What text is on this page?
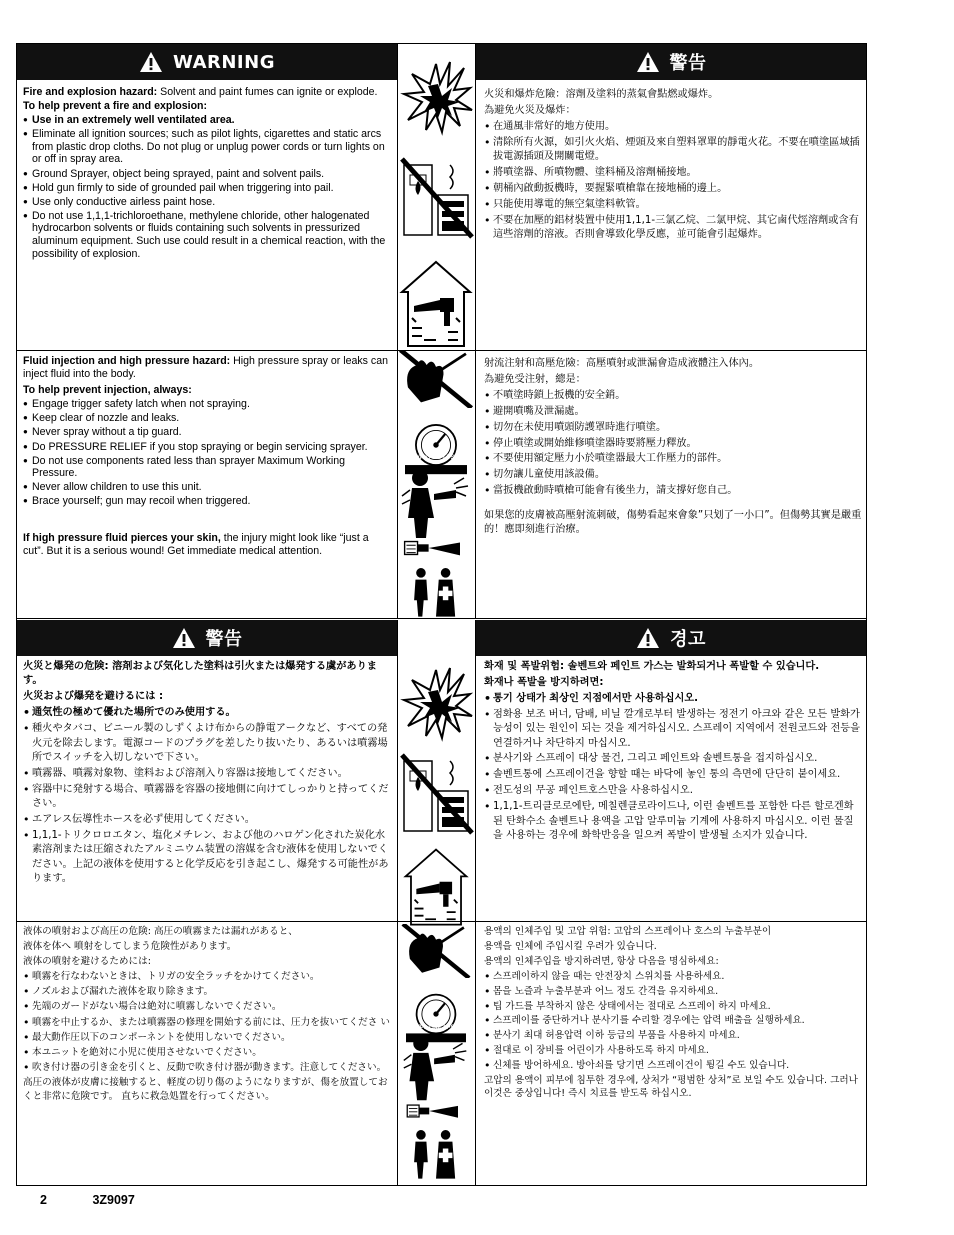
WARNING	警告

Fire and explosion hazard: Solvent and paint fumes can ignite or explode.

To help prevent a fire and explosion:

● Use in an extremely well ventilated area.
● Eliminate all ignition sources; such as pilot lights, cigarettes and static arcs from plastic drop cloths. Do not plug or unplug power cords or turn lights on or off in spray area.
● Ground Sprayer, object being sprayed, paint and solvent pails.
● Hold gun firmly to side of grounded pail when triggering into pail.
● Use only conductive airless paint hose.
● Do not use 1,1,1-trichloroethane, methylene chloride, other halogenated hydrocarbon solvents or fluids containing such solvents in pressurized aluminum equipment. Such use could result in a chemical reaction, with the possibility of explosion.

火災和爆炸危險：溶劑及塗料的蒸氣會點燃或爆炸。

為避免火災及爆炸：

• 在通風非常好的地方使用。
• 清除所有火源，如引火火焰、煙頭及來自塑料罩單的靜電火花。不要在噴塗區域插拔電源插頭及開關電燈。
• 將噴塗器、所噴物體、塗料桶及溶劑桶接地。
• 朝桶內啟動扳機時，要握緊噴槍靠在接地桶的邊上。
• 只能使用導電的無空氣塗料軟管。
• 不要在加壓的鋁材裝置中使用1,1,1-三氯乙烷、二氯甲烷、其它鹵代烴溶劑或含有這些溶劑的溶液。否則會導致化學反應，並可能會引起爆炸。

Fluid injection and high pressure hazard: High pressure spray or leaks can inject fluid into the body.

To help prevent injection, always:

● Engage trigger safety latch when not spraying.
● Keep clear of nozzle and leaks.
● Never spray without a tip guard.
● Do PRESSURE RELIEF if you stop spraying or begin servicing sprayer.
● Do not use components rated less than sprayer Maximum Working Pressure.
● Never allow children to use this unit.
● Brace yourself; gun may recoil when triggered.

If high pressure fluid pierces your skin, the injury might look like “just a cut”. But it is a serious wound! Get immediate medical attention.

射流注射和高壓危險：高壓噴射或泄漏會造成液體注入体內。

為避免受注射，總是：

• 不噴塗時鎖上扳機的安全銷。
• 避開噴嘴及泄漏處。
• 切勿在未使用噴頭防護罩時進行噴塗。
• 停止噴塗或開始維修噴塗器時要將壓力釋放。
• 不要使用額定壓力小於噴塗器最大工作壓力的部件。
• 切勿讓儿童使用該設備。
• 當扳機啟動時噴槍可能會有後坐力，請支撐好您自己。

如果您的皮膚被高壓射流刺破，傷勢看起來會象”只划了一小口”。但傷勢其實是嚴重的！應即刻進行治療。

警告	경고

火災と爆発の危険: 溶剤および気化した塗料は引火または爆発する虞があります。

火災および爆発を避けるには :

• 通気性の極めて優れた場所でのみ使用する。
• 種火やタバコ、ビニール製のしずくよけ布からの静電アークなど、すべての発火元を除去します。電源コードのプラグを差したり抜いたり、あるいは噴霧場所でスイッチを入切しないで下さい。
• 噴霧器、噴霧対象物、塗料および溶剤入り容器は接地してください。
• 容器中に発射する場合、噴霧器を容器の接地側に向けてしっかりと持ってください。
• エアレス伝導性ホースを必ず使用してください。
• 1,1,1-トリクロロエタン、塩化メチレン、および他のハロゲン化された炭化水素溶剤または圧縮されたアルミニウム装置の溶媒を含む液体を使用しないでください。上記の液体を使用すると化学反応を引き起こし、爆発する可能性があります。

화재 및 폭발위험: 솔벤트와 페인트 가스는 발화되거나 폭발할 수 있습니다.

화재나 폭발을 방지하려면:

• 통기 상태가 최상인 지점에서만 사용하십시오.
• 점화용 보조 버너, 담배, 비닐 깔개로부터 발생하는 정전기 아크와 같은 모든 발화가능성이 있는 원인이 되는 것을 제거하십시오. 스프레이 지역에서 전원코드와 전등을 연결하거나 차단하지 마십시오.
• 분사기와 스프레이 대상 물건, 그리고 페인트와 솔벤트통을 접지하십시오.
• 솔벤트통에 스프레이건을 향할 때는 바닥에 놓인 통의 측면에 단단히 붙이세요.
• 전도성의 무공 페인트호스만을 사용하십시오.
• 1,1,1-트리클로로에탄, 메칠렌클로라이드나, 이런 솔벤트를 포함한 다른 할로겐화 된 탄화수소 솔벤트나 용액을 고압 알루미늄 기계에 사용하지 마십시오. 이런 물질을 사용하는 경우에 화학반응을 일으켜 폭발이 발생될 소지가 있습니다.

液体の噴射および高圧の危険: 高圧の噴霧または漏れがあると、

液体を体へ 噴射をしてしまう危険性があります。

液体の噴射を避けるためには:

• 噴霧を行なわないときは、トリガの安全ラッチをかけてください。
• ノズルおよび漏れた液体を取り除きます。
• 先端のガードがない場合は絶対に噴霧しないでください。
• 噴霧を中止するか、または噴霧器の修理を開始する前には、圧力を抜いてくださ い
• 最大動作圧以下のコンポーネントを使用しないでください。
• 本ユニットを絶対に小児に使用させないでください。
• 吹き付け器の引き金を引くと、反動で吹き付け器が動きます。注意してください。

高圧の液体が皮膚に接触すると、軽度の切り傷のようになりますが、傷を放置しておくと非常に危険です。 直ちに救急処置を行ってください。

용액의 인체주입 및 고압 위험: 고압의 스프레이나 호스의 누출부분이

용액을 인체에 주입시킬 우려가 있습니다.

용액의 인체주입을 방지하려면, 항상 다음을 명심하세요:

• 스프레이하지 않을 때는 안전장치 스위치를 사용하세요.
• 몸을 노즐과 누출부분과 어느 정도 간격을 유지하세요.
• 팁 가드를 부착하지 않은 상태에서는 절대로 스프레이 하지 마세요.
• 스프레이를 중단하거나 분사기를 수리할 경우에는 압력 배출을 실행하세요.
• 분사기 최대 허용압력 이하 등급의 부품을 사용하지 마세요.
• 절대로 이 장비를 어린이가 사용하도록 하지 마세요.
• 신체를 방어하세요. 방아쇠를 당기면 스프레이건이 튕길 수도 있습니다.

고압의 용액이 피부에 침투한 경우에, 상처가 “평범한 상처”로 보일 수도 있습니다. 그러나 이것은 중상입니다! 즉시 치료를 받도록 하십시오.

VPa / bar / PSI
VPa / bar / PSI
2	3Z9097
